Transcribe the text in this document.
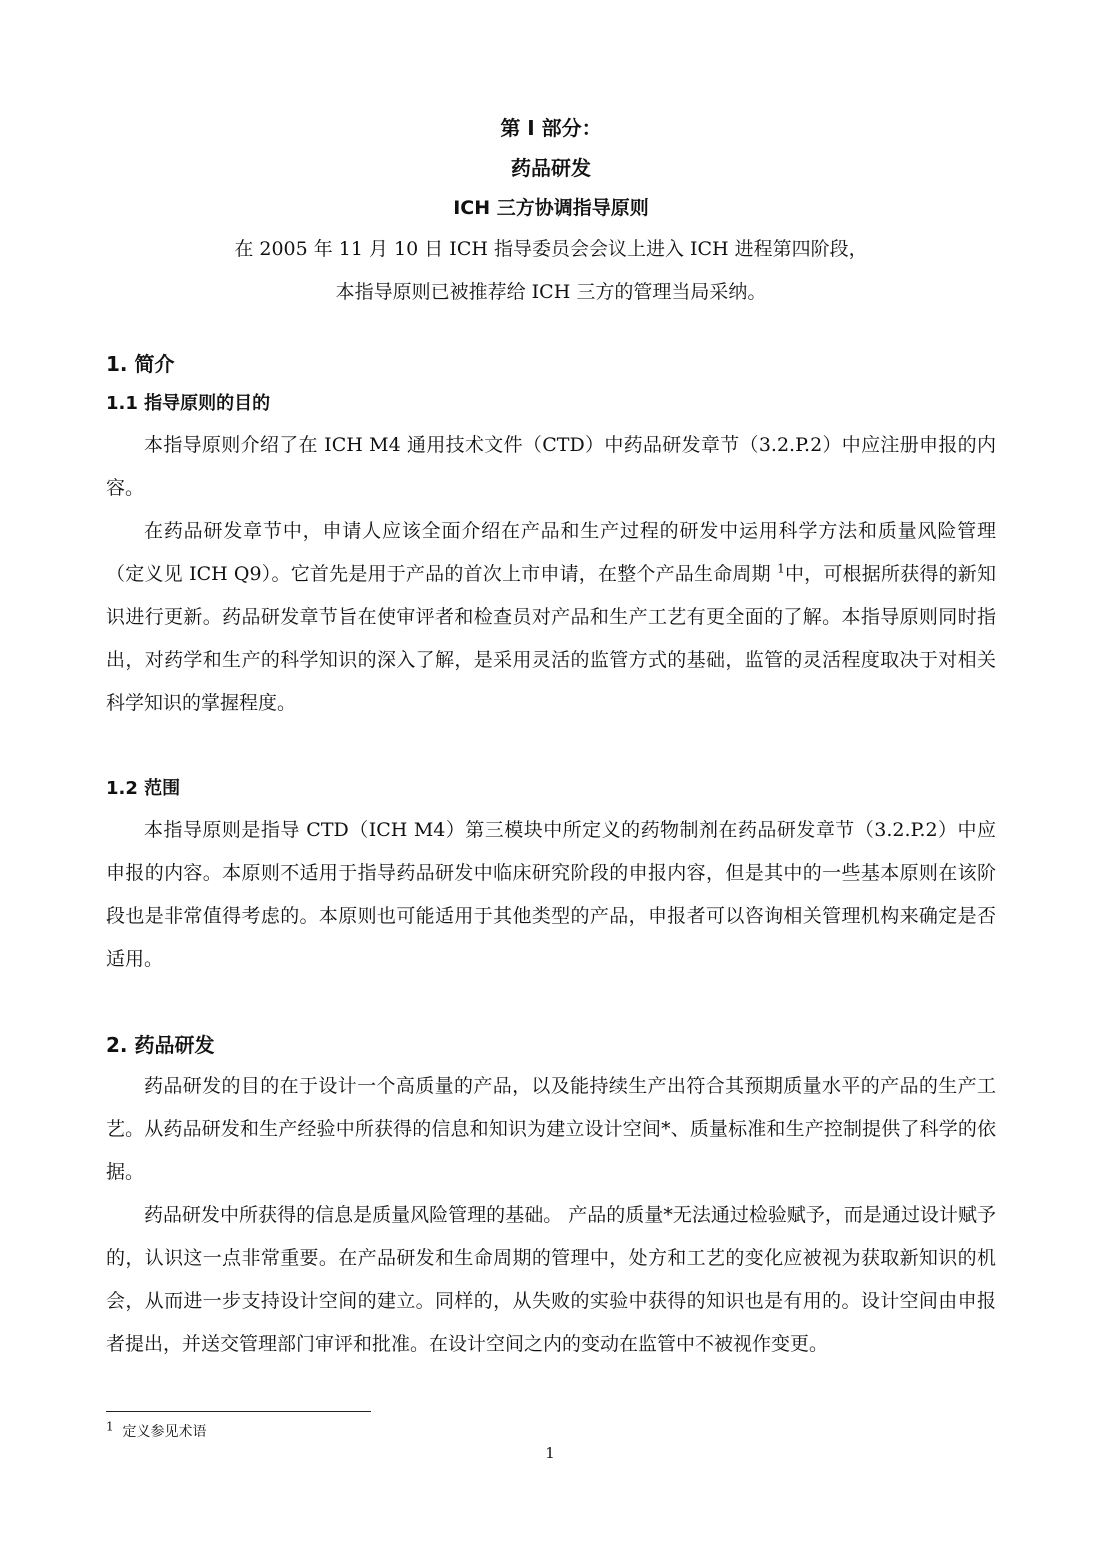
第 I 部分：

药品研发

ICH 三方协调指导原则

在 2005 年 11 月 10 日 ICH 指导委员会会议上进入 ICH 进程第四阶段，

本指导原则已被推荐给 ICH 三方的管理当局采纳。

1. 简介

1.1 指导原则的目的

本指导原则介绍了在 ICH M4 通用技术文件（CTD）中药品研发章节（3.2.P.2）中应注册申报的内容。

在药品研发章节中，申请人应该全面介绍在产品和生产过程的研发中运用科学方法和质量风险管理（定义见 ICH Q9）。它首先是用于产品的首次上市申请，在整个产品生命周期 $^1$中，可根据所获得的新知识进行更新。药品研发章节旨在使审评者和检查员对产品和生产工艺有更全面的了解。本指导原则同时指出，对药学和生产的科学知识的深入了解，是采用灵活的监管方式的基础，监管的灵活程度取决于对相关科学知识的掌握程度。

1.2 范围

本指导原则是指导 CTD（ICH M4）第三模块中所定义的药物制剂在药品研发章节（3.2.P.2）中应申报的内容。本原则不适用于指导药品研发中临床研究阶段的申报内容，但是其中的一些基本原则在该阶段也是非常值得考虑的。本原则也可能适用于其他类型的产品，申报者可以咨询相关管理机构来确定是否适用。

2. 药品研发

药品研发的目的在于设计一个高质量的产品，以及能持续生产出符合其预期质量水平的产品的生产工艺。从药品研发和生产经验中所获得的信息和知识为建立设计空间*、质量标准和生产控制提供了科学的依据。

药品研发中所获得的信息是质量风险管理的基础。 产品的质量*无法通过检验赋予，而是通过设计赋予的，认识这一点非常重要。在产品研发和生命周期的管理中，处方和工艺的变化应被视为获取新知识的机会，从而进一步支持设计空间的建立。同样的，从失败的实验中获得的知识也是有用的。设计空间由申报者提出，并送交管理部门审评和批准。在设计空间之内的变动在监管中不被视作变更。

$^1$ 定义参见术语
1
